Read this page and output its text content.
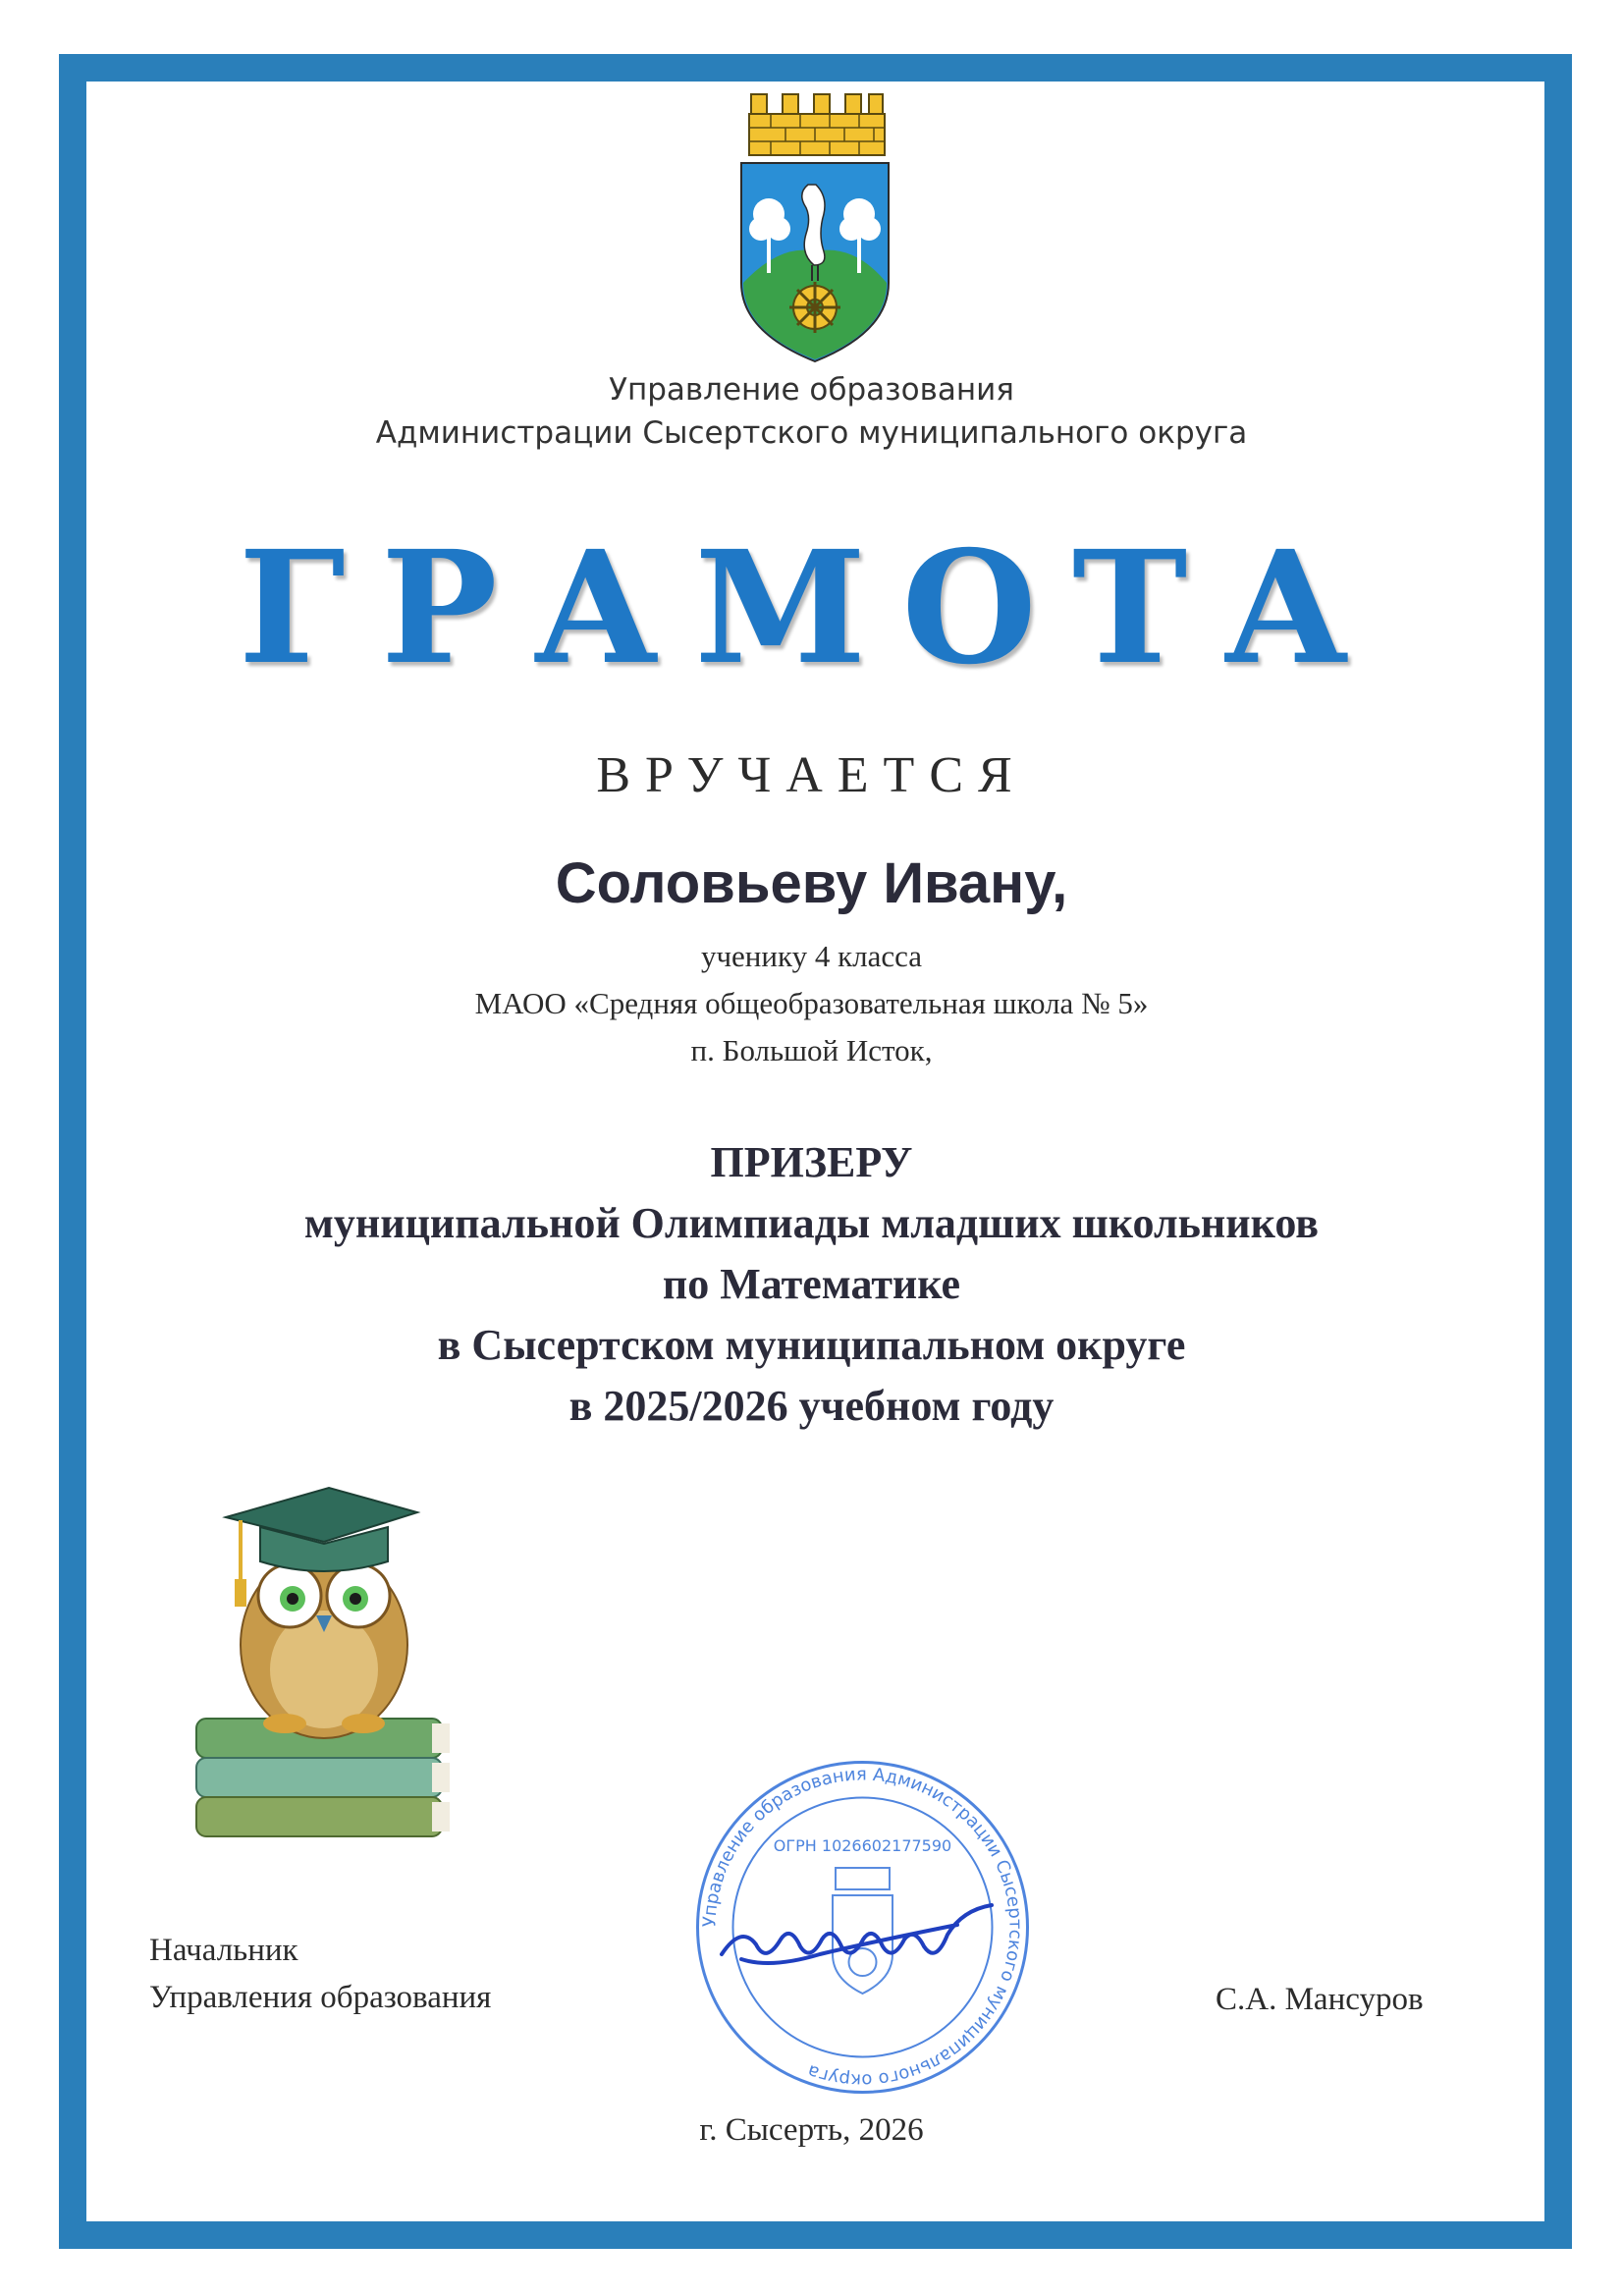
Управление образования
Администрации Сысертского муниципального округа
ГРАМОТА
ВРУЧАЕТСЯ
Соловьеву Ивану,
ученику 4 класса
МАОО «Средняя общеобразовательная школа № 5»
п. Большой Исток,
ПРИЗЕРУ
муниципальной Олимпиады младших школьников
по Математике
в Сысертском муниципальном округе
в 2025/2026 учебном году
Начальник
Управления образования
Управление образования Администрации Сысертского муниципального округа
ОГРН 1026602177590
С.А. Мансуров
г. Сысерть, 2026
